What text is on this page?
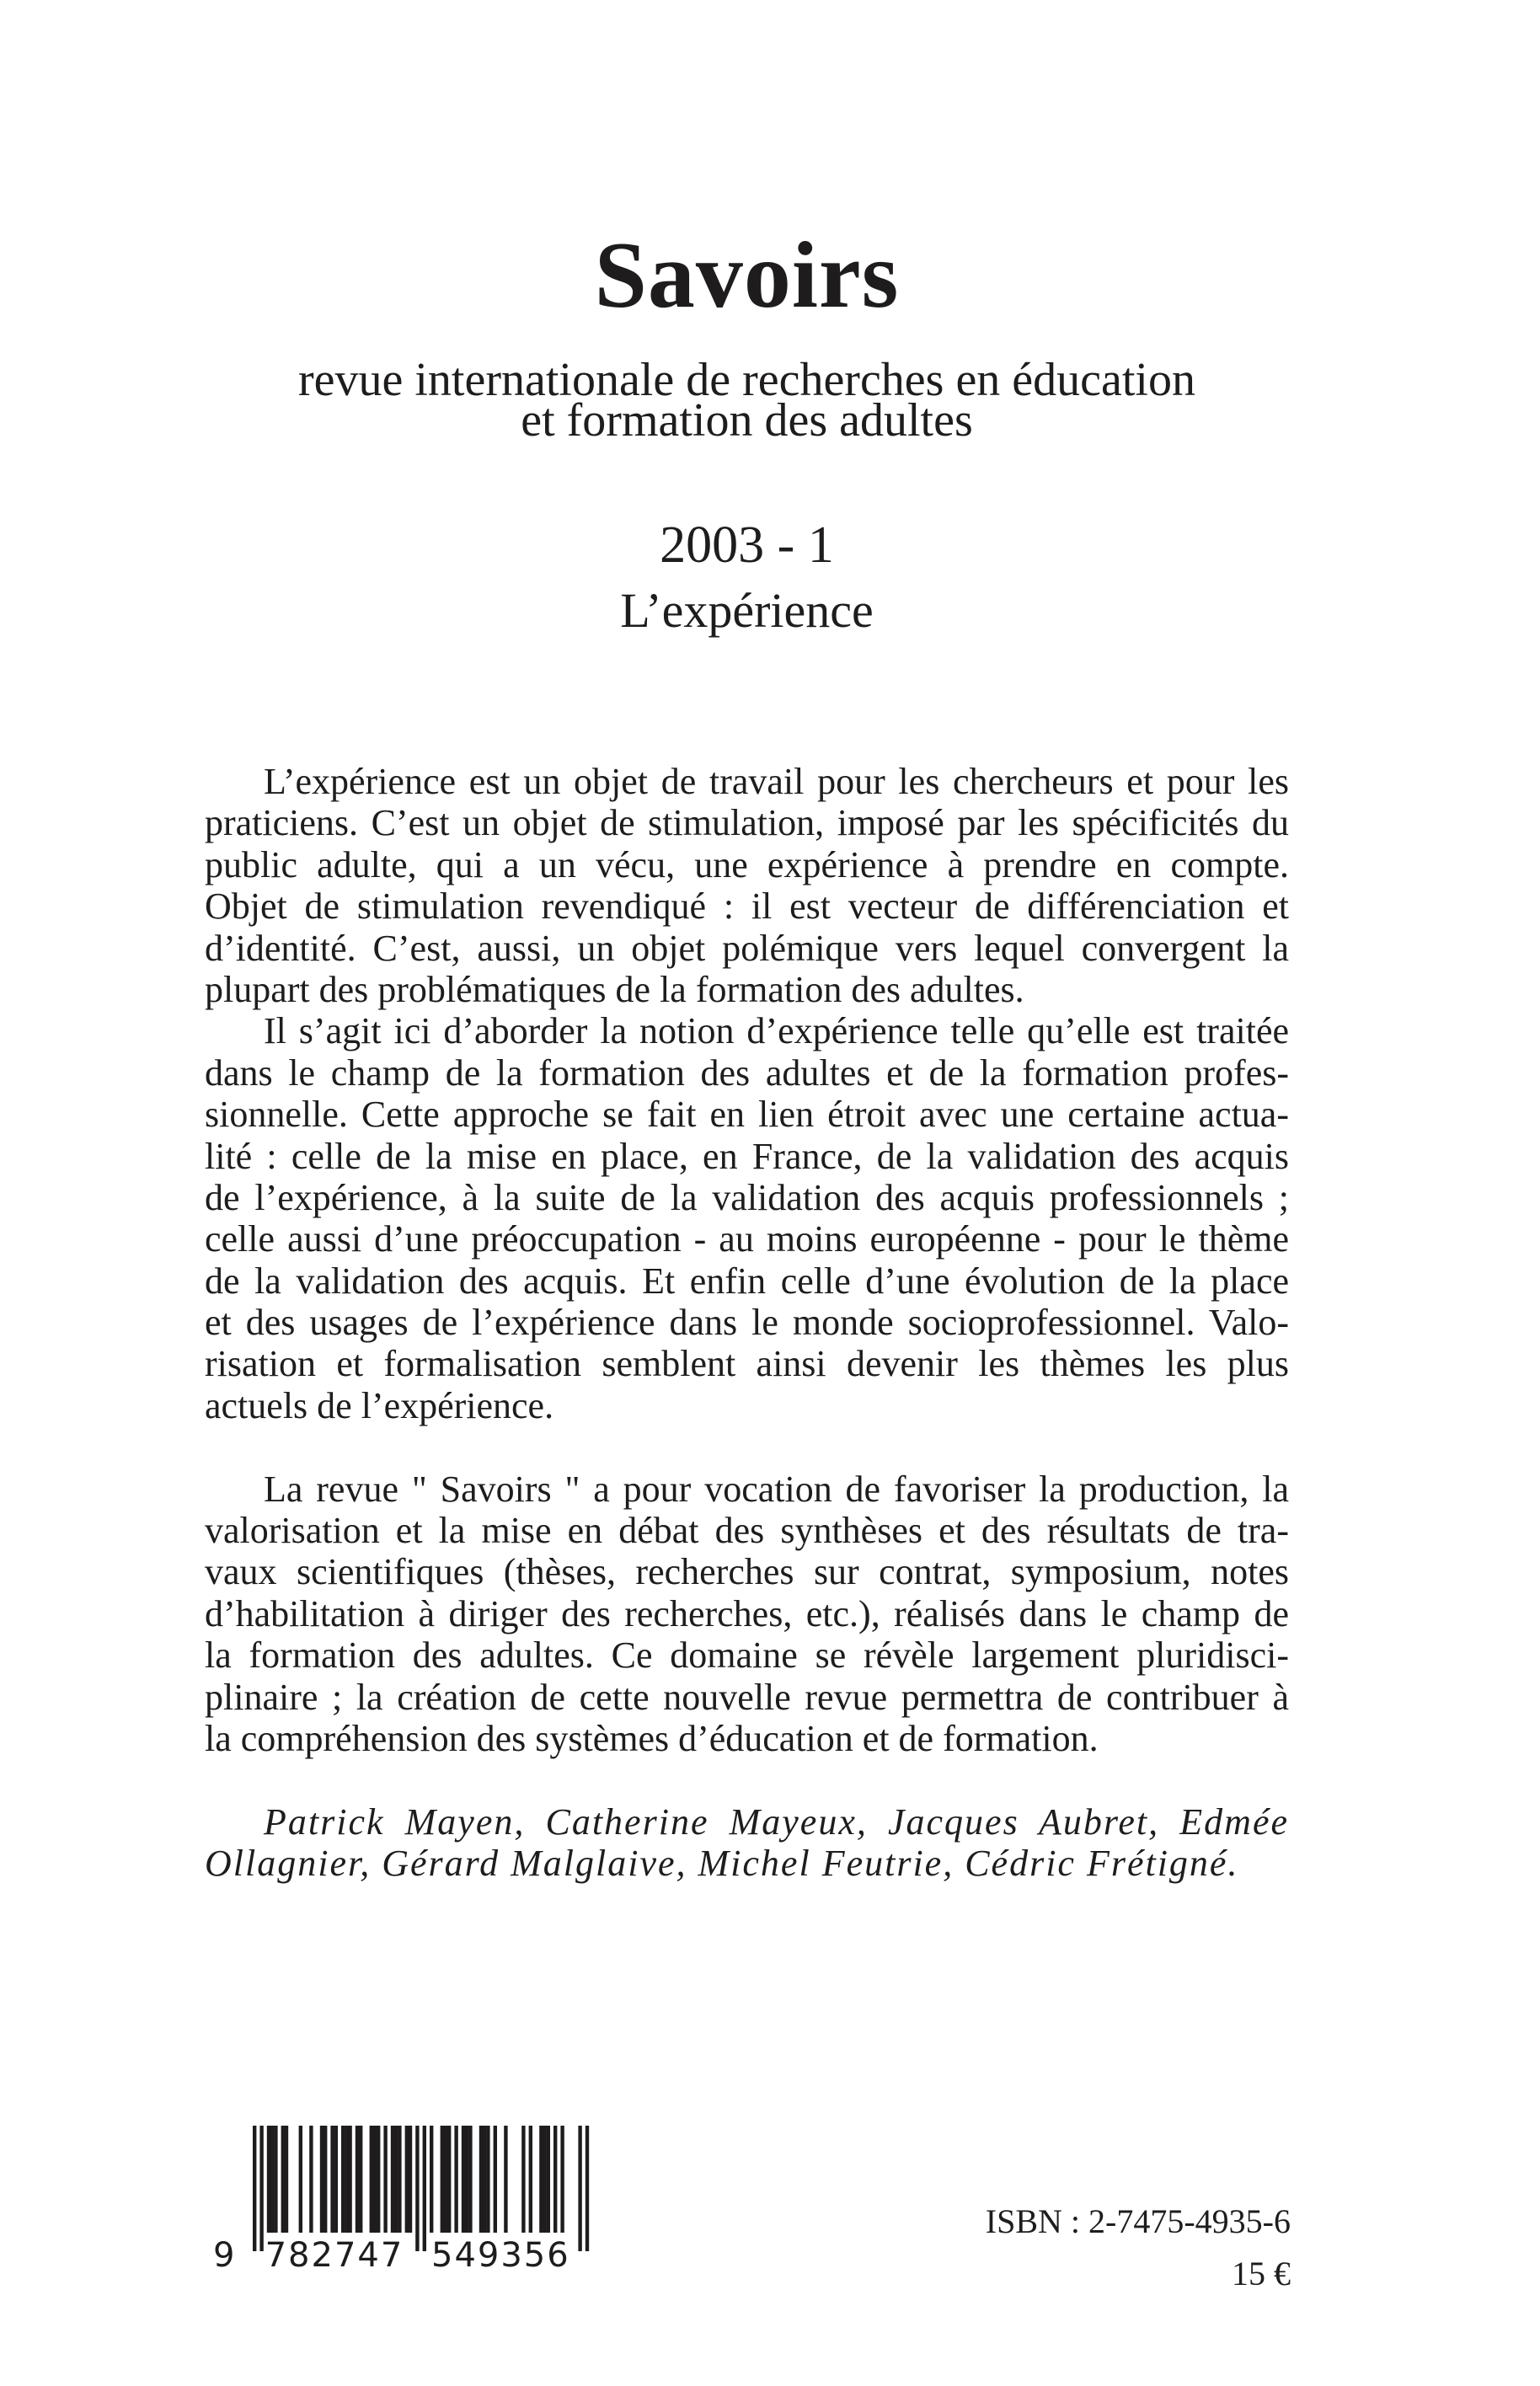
Savoirs
revue internationale de recherches en éducation
et formation des adultes
2003 - 1
L’expérience
L’expérience est un objet de travail pour les chercheurs et pour les
praticiens. C’est un objet de stimulation, imposé par les spécificités du
public adulte, qui a un vécu, une expérience à prendre en compte.
Objet de stimulation revendiqué : il est vecteur de différenciation et
d’identité. C’est, aussi, un objet polémique vers lequel convergent la
plupart des problématiques de la formation des adultes.
Il s’agit ici d’aborder la notion d’expérience telle qu’elle est traitée
dans le champ de la formation des adultes et de la formation profes-
sionnelle. Cette approche se fait en lien étroit avec une certaine actua-
lité : celle de la mise en place, en France, de la validation des acquis
de l’expérience, à la suite de la validation des acquis professionnels ;
celle aussi d’une préoccupation - au moins européenne - pour le thème
de la validation des acquis. Et enfin celle d’une évolution de la place
et des usages de l’expérience dans le monde socioprofessionnel. Valo-
risation et formalisation semblent ainsi devenir les thèmes les plus
actuels de l’expérience.
La revue " Savoirs " a pour vocation de favoriser la production, la
valorisation et la mise en débat des synthèses et des résultats de tra-
vaux scientifiques (thèses, recherches sur contrat, symposium, notes
d’habilitation à diriger des recherches, etc.), réalisés dans le champ de
la formation des adultes. Ce domaine se révèle largement pluridisci-
plinaire ; la création de cette nouvelle revue permettra de contribuer à
la compréhension des systèmes d’éducation et de formation.
Patrick Mayen, Catherine Mayeux, Jacques Aubret, Edmée
Ollagnier, Gérard Malglaive, Michel Feutrie, Cédric Frétigné.
9 782747 549356
ISBN : 2-7475-4935-6
15 €
